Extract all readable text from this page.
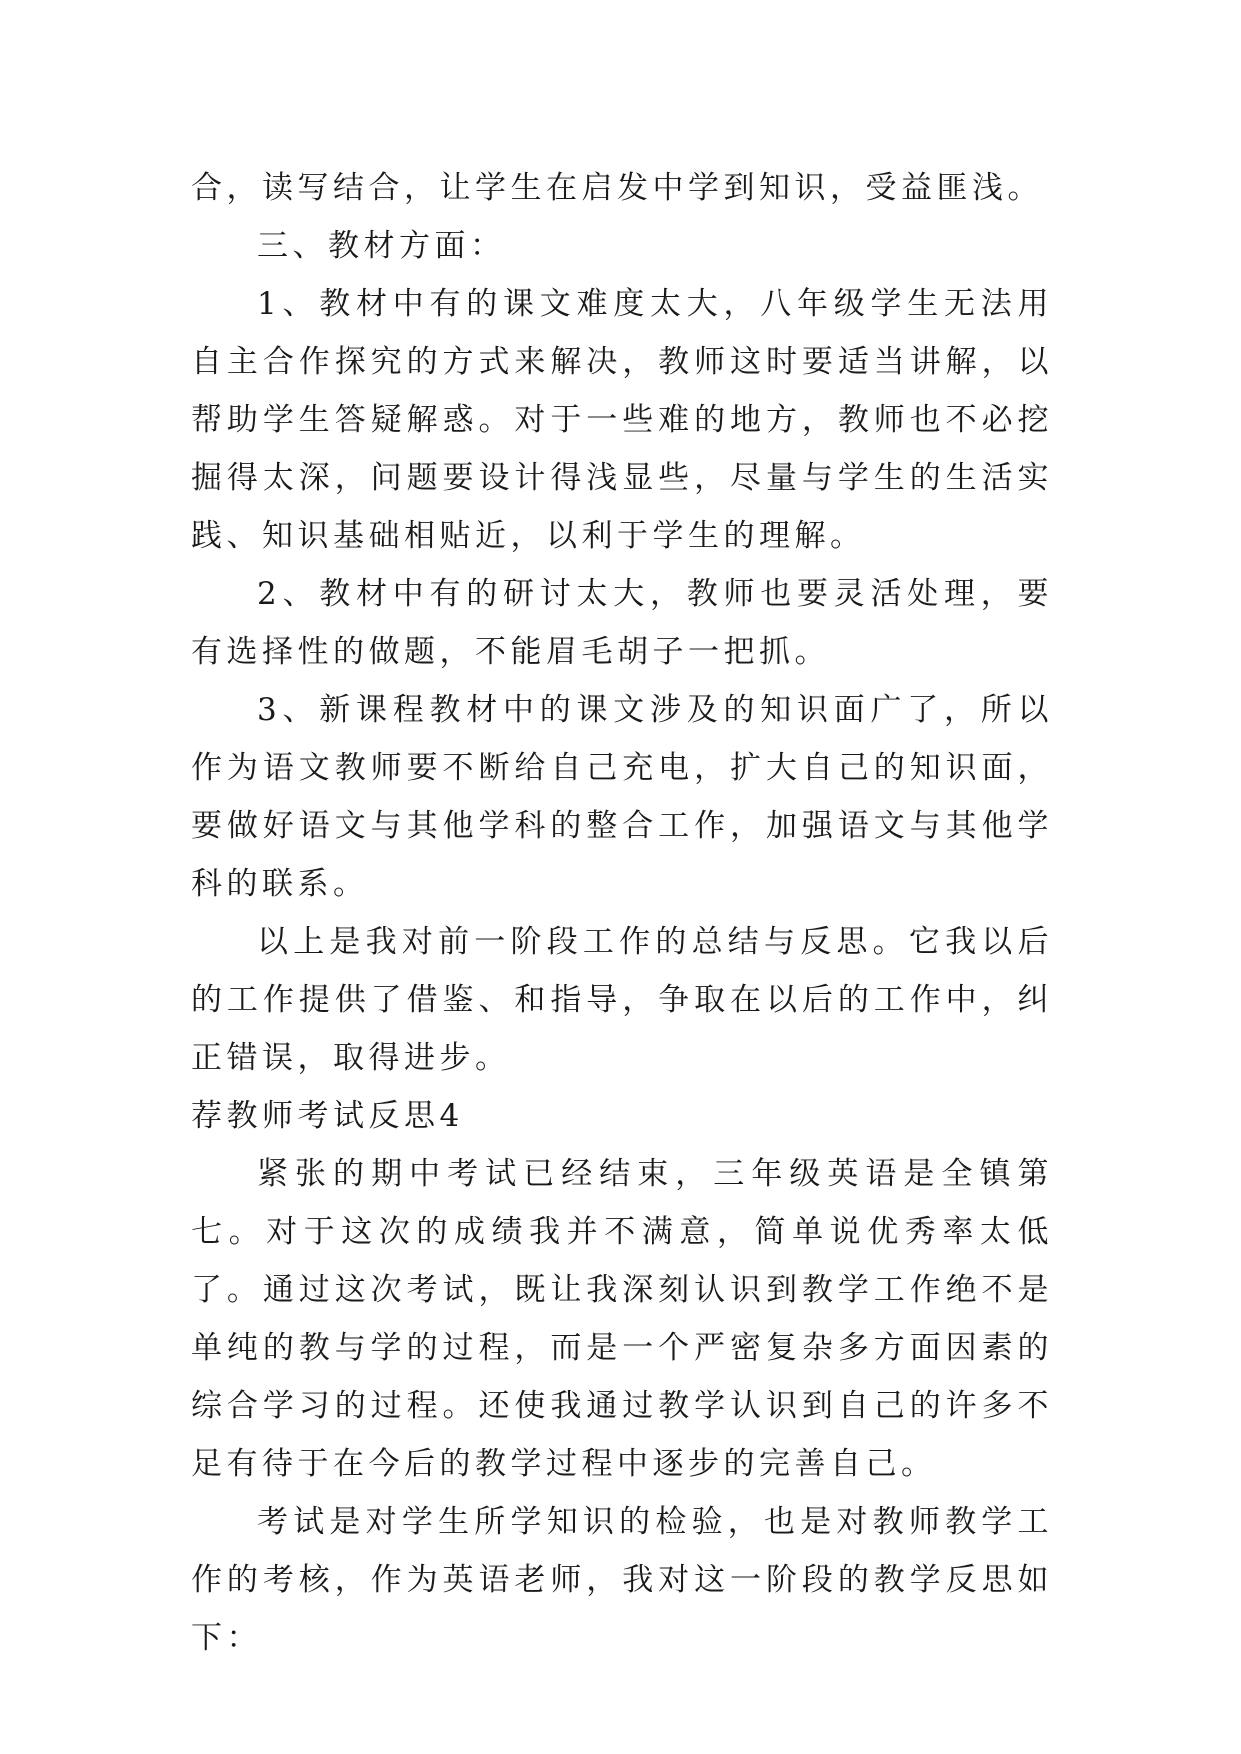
合，读写结合，让学生在启发中学到知识，受益匪浅。

三、教材方面：

1、教材中有的课文难度太大，八年级学生无法用自主合作探究的方式来解决，教师这时要适当讲解，以帮助学生答疑解惑。对于一些难的地方，教师也不必挖掘得太深，问题要设计得浅显些，尽量与学生的生活实践、知识基础相贴近，以利于学生的理解。

2、教材中有的研讨太大，教师也要灵活处理，要有选择性的做题，不能眉毛胡子一把抓。

3、新课程教材中的课文涉及的知识面广了，所以作为语文教师要不断给自己充电，扩大自己的知识面，要做好语文与其他学科的整合工作，加强语文与其他学科的联系。

以上是我对前一阶段工作的总结与反思。它我以后的工作提供了借鉴、和指导，争取在以后的工作中，纠正错误，取得进步。

荐教师考试反思4

紧张的期中考试已经结束，三年级英语是全镇第七。对于这次的成绩我并不满意，简单说优秀率太低了。通过这次考试，既让我深刻认识到教学工作绝不是单纯的教与学的过程，而是一个严密复杂多方面因素的综合学习的过程。还使我通过教学认识到自己的许多不足有待于在今后的教学过程中逐步的完善自己。

考试是对学生所学知识的检验，也是对教师教学工作的考核，作为英语老师，我对这一阶段的教学反思如下：
